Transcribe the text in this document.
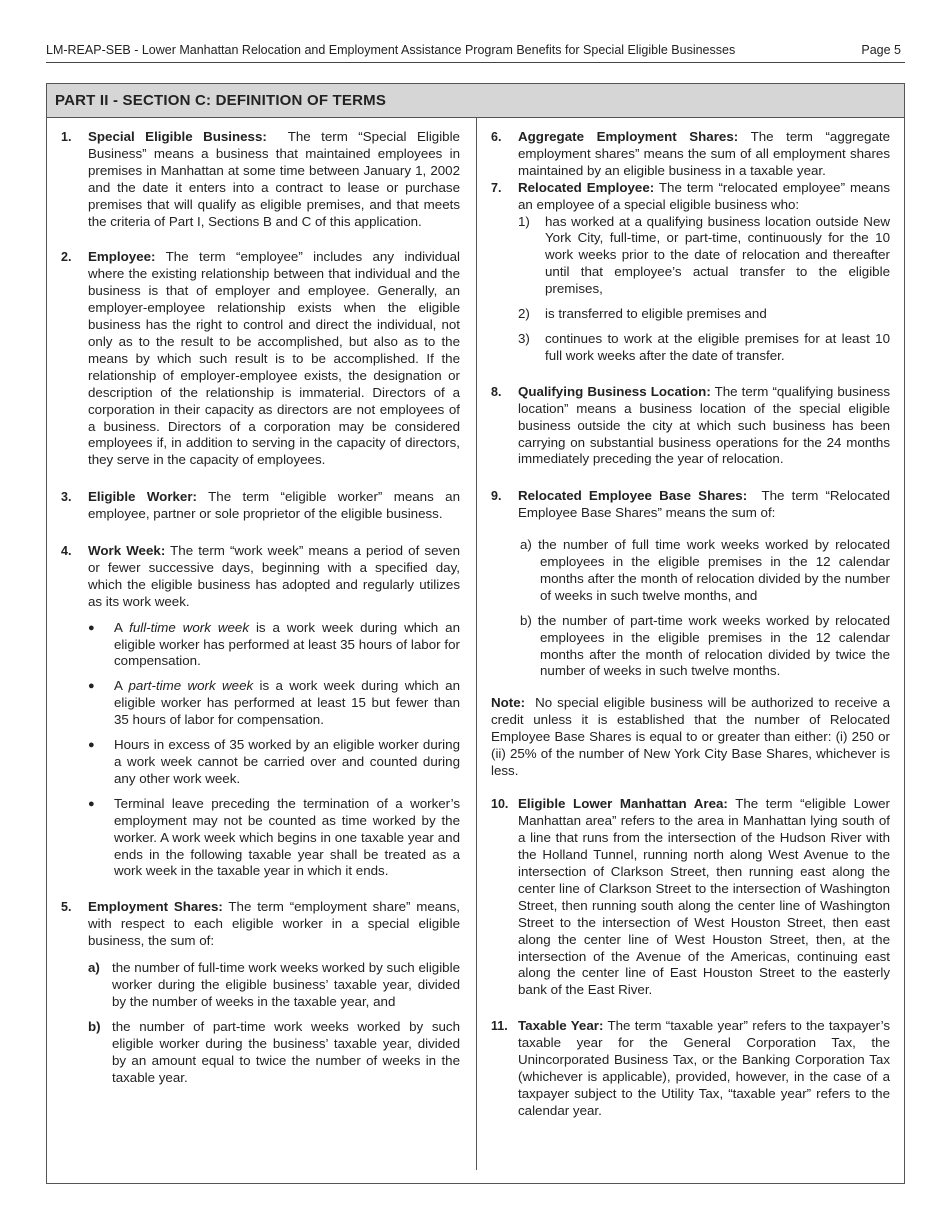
LM-REAP-SEB - Lower Manhattan Relocation and Employment Assistance Program Benefits for Special Eligible Businesses	Page 5
PART II - SECTION C: DEFINITION OF TERMS
1. Special Eligible Business: The term “Special Eligible Business” means a business that maintained employees in premises in Manhattan at some time between January 1, 2002 and the date it enters into a contract to lease or purchase premises that will qualify as eligible premises, and that meets the criteria of Part I, Sections B and C of this application.

2. Employee: The term “employee” includes any individual where the existing relationship between that individual and the business is that of employer and employee. Generally, an employer-employee relationship exists when the eligible business has the right to control and direct the individual, not only as to the result to be accomplished, but also as to the means by which such result is to be accomplished. If the relationship of employer-employee exists, the designation or description of the relationship is immaterial. Directors of a corporation in their capacity as directors are not employees of a business. Directors of a corporation may be considered employees if, in addition to serving in the capacity of directors, they serve in the capacity of employees.

3. Eligible Worker: The term “eligible worker” means an employee, partner or sole proprietor of the eligible business.

4. Work Week: The term “work week” means a period of seven or fewer successive days, beginning with a specified day, which the eligible business has adopted and regularly utilizes as its work week.

● A full-time work week is a work week during which an eligible worker has performed at least 35 hours of labor for compensation.

● A part-time work week is a work week during which an eligible worker has performed at least 15 but fewer than 35 hours of labor for compensation.

● Hours in excess of 35 worked by an eligible worker during a work week cannot be carried over and counted during any other work week.

● Terminal leave preceding the termination of a worker’s employment may not be counted as time worked by the worker. A work week which begins in one taxable year and ends in the following taxable year shall be treated as a work week in the taxable year in which it ends.

5. Employment Shares: The term “employment share” means, with respect to each eligible worker in a special eligible business, the sum of:

a) the number of full-time work weeks worked by such eligible worker during the eligible business’ taxable year, divided by the number of weeks in the taxable year, and

b) the number of part-time work weeks worked by such eligible worker during the business’ taxable year, divided by an amount equal to twice the number of weeks in the taxable year.

6. Aggregate Employment Shares: The term “aggregate employment shares” means the sum of all employment shares maintained by an eligible business in a taxable year.

7. Relocated Employee: The term “relocated employee” means an employee of a special eligible business who:

1) has worked at a qualifying business location outside New York City, full-time, or part-time, continuously for the 10 work weeks prior to the date of relocation and thereafter until that employee’s actual transfer to the eligible premises,

2) is transferred to eligible premises and

3) continues to work at the eligible premises for at least 10 full work weeks after the date of transfer.

8. Qualifying Business Location: The term “qualifying business location” means a business location of the special eligible business outside the city at which such business has been carrying on substantial business operations for the 24 months immediately preceding the year of relocation.

9. Relocated Employee Base Shares: The term “Relocated Employee Base Shares” means the sum of:

a) the number of full time work weeks worked by relocated employees in the eligible premises in the 12 calendar months after the month of relocation divided by the number of weeks in such twelve months, and

b) the number of part-time work weeks worked by relocated employees in the eligible premises in the 12 calendar months after the month of relocation divided by twice the number of weeks in such twelve months.

Note: No special eligible business will be authorized to receive a credit unless it is established that the number of Relocated Employee Base Shares is equal to or greater than either: (i) 250 or (ii) 25% of the number of New York City Base Shares, whichever is less.

10. Eligible Lower Manhattan Area: The term “eligible Lower Manhattan area” refers to the area in Manhattan lying south of a line that runs from the intersection of the Hudson River with the Holland Tunnel, running north along West Avenue to the intersection of Clarkson Street, then running east along the center line of Clarkson Street to the intersection of Washington Street, then running south along the center line of Washington Street to the intersection of West Houston Street, then east along the center line of West Houston Street, then, at the intersection of the Avenue of the Americas, continuing east along the center line of East Houston Street to the easterly bank of the East River.

11. Taxable Year: The term “taxable year” refers to the taxpayer’s taxable year for the General Corporation Tax, the Unincorporated Business Tax, or the Banking Corporation Tax (whichever is applicable), provided, however, in the case of a taxpayer subject to the Utility Tax, “taxable year” refers to the calendar year.
